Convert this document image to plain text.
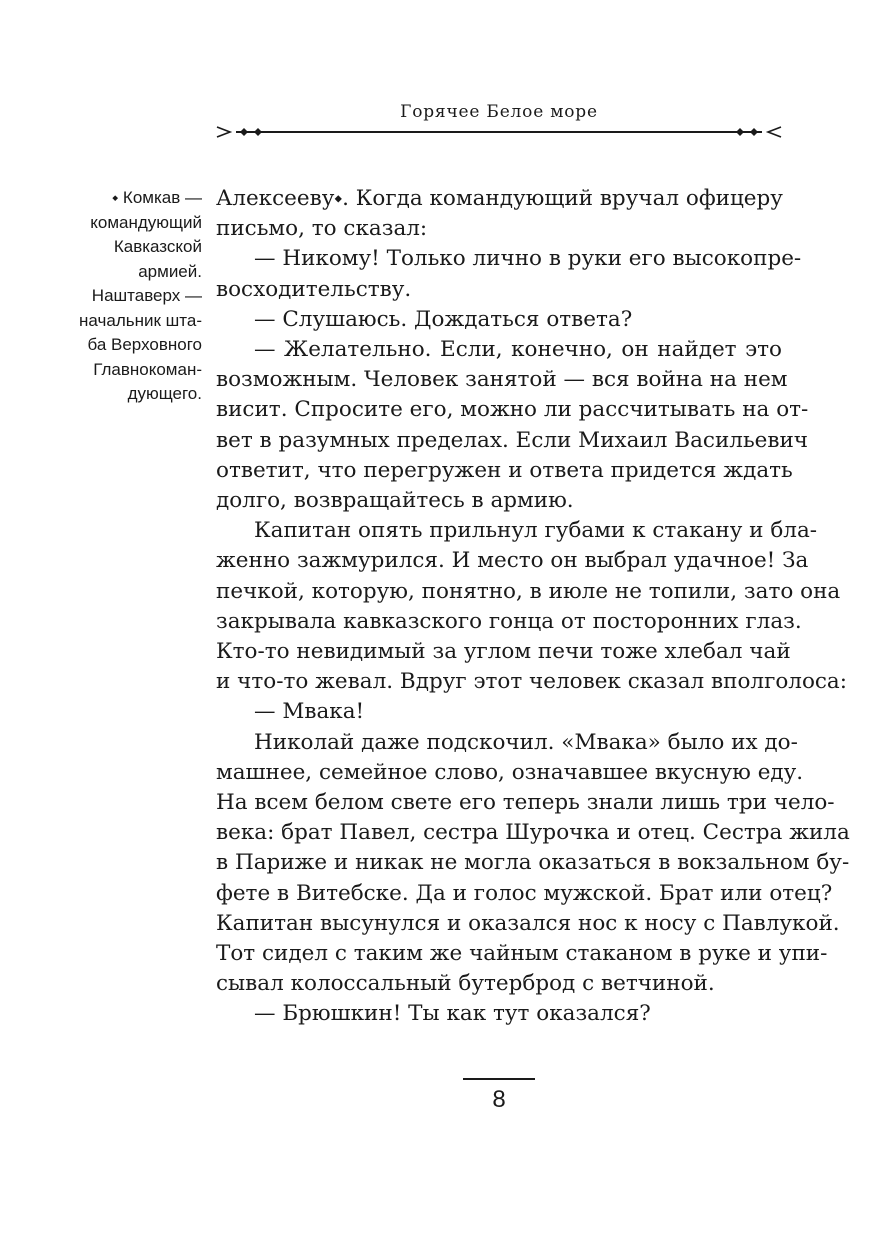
Горячее Белое море
⬩ Комкав —
командующий
Кавказской
армией.
Наштаверх —
начальник шта-
ба Верховного
Главнокоман-
дующего.
Алексееву⬩. Когда командующий вручал офицеру
письмо, то сказал:
— Никому! Только лично в руки его высокопре-
восходительству.
— Слушаюсь. Дождаться ответа?
— Желательно. Если, конечно, он найдет это
возможным. Человек занятой — вся война на нем
висит. Спросите его, можно ли рассчитывать на от-
вет в разумных пределах. Если Михаил Васильевич
ответит, что перегружен и ответа придется ждать
долго, возвращайтесь в армию.
Капитан опять прильнул губами к стакану и бла-
женно зажмурился. И место он выбрал удачное! За
печкой, которую, понятно, в июле не топили, зато она
закрывала кавказского гонца от посторонних глаз.
Кто-то невидимый за углом печи тоже хлебал чай
и что-то жевал. Вдруг этот человек сказал вполголоса:
— Мвака!
Николай даже подскочил. «Мвака» было их до-
машнее, семейное слово, означавшее вкусную еду.
На всем белом свете его теперь знали лишь три чело-
века: брат Павел, сестра Шурочка и отец. Сестра жила
в Париже и никак не могла оказаться в вокзальном бу-
фете в Витебске. Да и голос мужской. Брат или отец?
Капитан высунулся и оказался нос к носу с Павлукой.
Тот сидел с таким же чайным стаканом в руке и упи-
сывал колоссальный бутерброд с ветчиной.
— Брюшкин! Ты как тут оказался?
8
